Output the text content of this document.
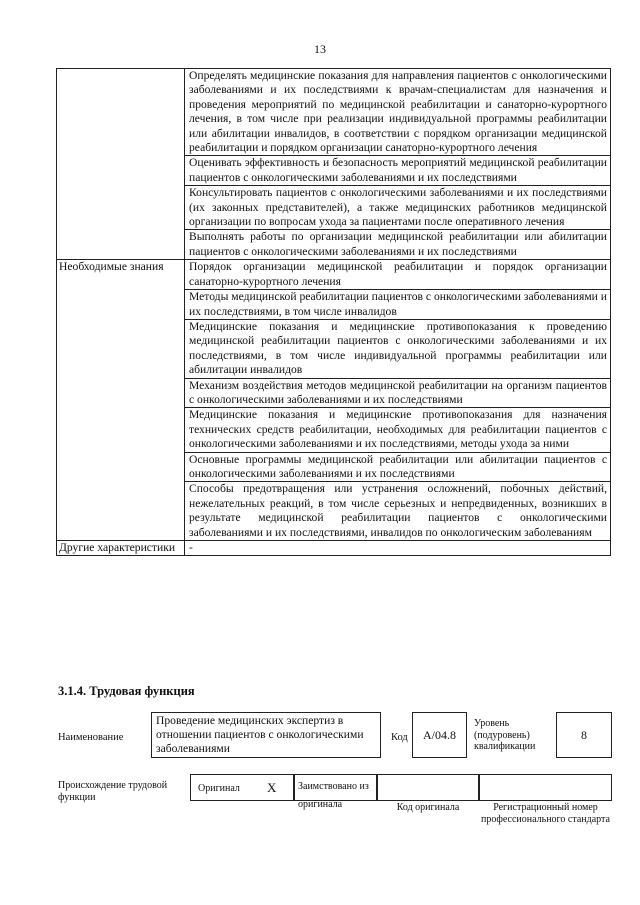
13
	Определять медицинские показания для направления пациентов с онкологическими заболеваниями и их последствиями к врачам-специалистам для назначения и проведения мероприятий по медицинской реабилитации и санаторно-курортного лечения, в том числе при реализации индивидуальной программы реабилитации или абилитации инвалидов, в соответствии с порядком организации медицинской реабилитации и порядком организации санаторно-курортного лечения
	Оценивать эффективность и безопасность мероприятий медицинской реабилитации пациентов с онкологическими заболеваниями и их последствиями
	Консультировать пациентов с онкологическими заболеваниями и их последствиями (их законных представителей), а также медицинских работников медицинской организации по вопросам ухода за пациентами после оперативного лечения
	Выполнять работы по организации медицинской реабилитации или абилитации пациентов с онкологическими заболеваниями и их последствиями
Необходимые знания	Порядок организации медицинской реабилитации и порядок организации санаторно-курортного лечения
	Методы медицинской реабилитации пациентов с онкологическими заболеваниями и их последствиями, в том числе инвалидов
	Медицинские показания и медицинские противопоказания к проведению медицинской реабилитации пациентов с онкологическими заболеваниями и их последствиями, в том числе индивидуальной программы реабилитации или абилитации инвалидов
	Механизм воздействия методов медицинской реабилитации на организм пациентов с онкологическими заболеваниями и их последствиями
	Медицинские показания и медицинские противопоказания для назначения технических средств реабилитации, необходимых для реабилитации пациентов с онкологическими заболеваниями и их последствиями, методы ухода за ними
	Основные программы медицинской реабилитации или абилитации пациентов с онкологическими заболеваниями и их последствиями
	Способы предотвращения или устранения осложнений, побочных действий, нежелательных реакций, в том числе серьезных и непредвиденных, возникших в результате медицинской реабилитации пациентов с онкологическими заболеваниями и их последствиями, инвалидов по онкологическим заболеваниям
Другие характеристики	-
3.1.4. Трудовая функция
Наименование
Проведение медицинских экспертиз в отношении пациентов с онкологическими заболеваниями
Код	A/04.8
Уровень (подуровень) квалификации
8
Происхождение трудовой функции
Оригинал X	Заимствовано из оригинала	Код оригинала	Регистрационный номер профессионального стандарта
